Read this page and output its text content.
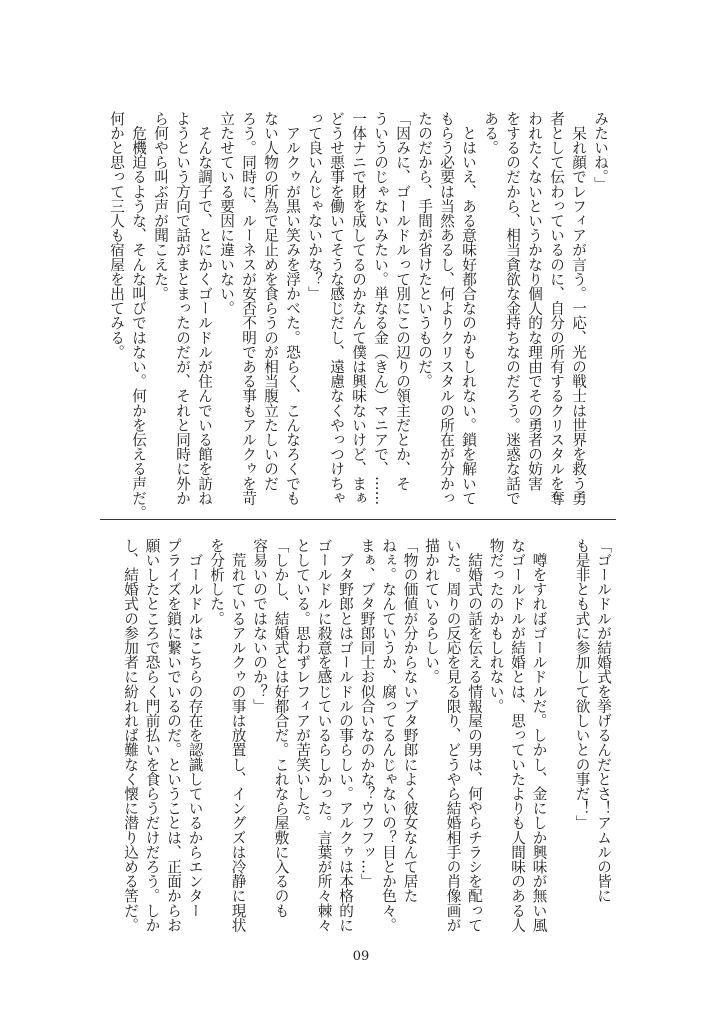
みたいね。」
　呆れ顔でレフィアが言う。一応、光の戦士は世界を救う勇
者として伝わっているのに、自分の所有するクリスタルを奪
われたくないというかなり個人的な理由でその勇者の妨害
をするのだから、相当貪欲な金持ちなのだろう。迷惑な話で
ある。
　とはいえ、ある意味好都合なのかもしれない。鎖を解いて
もらう必要は当然あるし、何よりクリスタルの所在が分かっ
たのだから、手間が省けたというものだ。
「因みに、ゴールドルって別にこの辺りの領主だとか、そ
ういうのじゃないみたい。単なる金（きん）マニアで、……
一体ナニで財を成してるのかなんて僕は興味ないけど、まぁ
どうせ悪事を働いてそうな感じだし、遠慮なくやっつけちゃ
って良いんじゃないかな？」
　アルクゥが黒い笑みを浮かべた。恐らく、こんなろくでも
ない人物の所為で足止めを食らうのが相当腹立たしいのだ
ろう。同時に、ルーネスが安否不明である事もアルクゥを苛
立たせている要因に違いない。
　そんな調子で、とにかくゴールドルが住んでいる館を訪ね
ようという方向で話がまとまったのだが、それと同時に外か
ら何やら叫ぶ声が聞こえた。
　危機迫るような、そんな叫びではない。何かを伝える声だ。
何かと思って三人も宿屋を出てみる。
「ゴールドルが結婚式を挙げるんだとさ！アムルの皆に
も是非とも式に参加して欲しいとの事だ！」
　噂をすればゴールドルだ。しかし、金にしか興味が無い風
なゴールドルが結婚とは、思っていたよりも人間味のある人
物だったのかもしれない。
　結婚式の話を伝える情報屋の男は、何やらチラシを配って
いた。周りの反応を見る限り、どうやら結婚相手の肖像画が
描かれているらしい。
「物の価値が分からないブタ野郎によく彼女なんて居た
ねぇ。なんていうか、腐ってるんじゃないの？目とか色々。
まぁ、ブタ野郎同士お似合いなのかな？ウフフッ…」
　ブタ野郎とはゴールドルの事らしい。アルクゥは本格的に
ゴールドルに殺意を感じているらしかった。言葉が所々棘々
としている。思わずレフィアが苦笑いした。
「しかし、結婚式とは好都合だ。これなら屋敷に入るのも
容易いのではないのか？」
　荒れているアルクゥの事は放置し、イングズは冷静に現状
を分析した。
　ゴールドルはこちらの存在を認識しているからエンター
プライズを鎖に繋いでいるのだ。ということは、正面からお
願いしたところで恐らく門前払いを食らうだけだろう。しか
し、結婚式の参加者に紛れれば難なく懐に潜り込める筈だ。
09
